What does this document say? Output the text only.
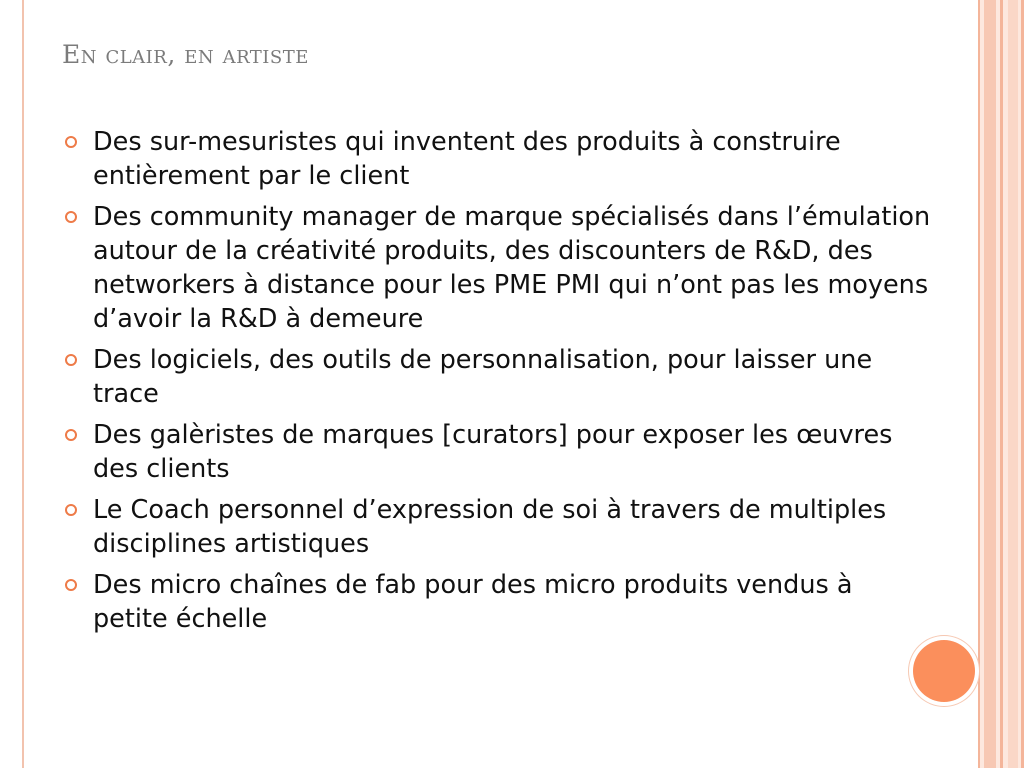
En clair, en artiste
Des sur-mesuristes qui inventent des produits à construire entièrement par le client
Des community manager de marque spécialisés dans l’émulation autour de la créativité produits, des discounters de R&D, des networkers à distance pour les PME PMI qui n’ont pas les moyens d’avoir la R&D à demeure
Des logiciels, des outils de personnalisation, pour laisser une trace
Des galèristes de marques [curators] pour exposer les œuvres des clients
Le Coach personnel d’expression de soi à travers de multiples disciplines artistiques
Des micro chaînes de fab pour des micro produits vendus à petite échelle
